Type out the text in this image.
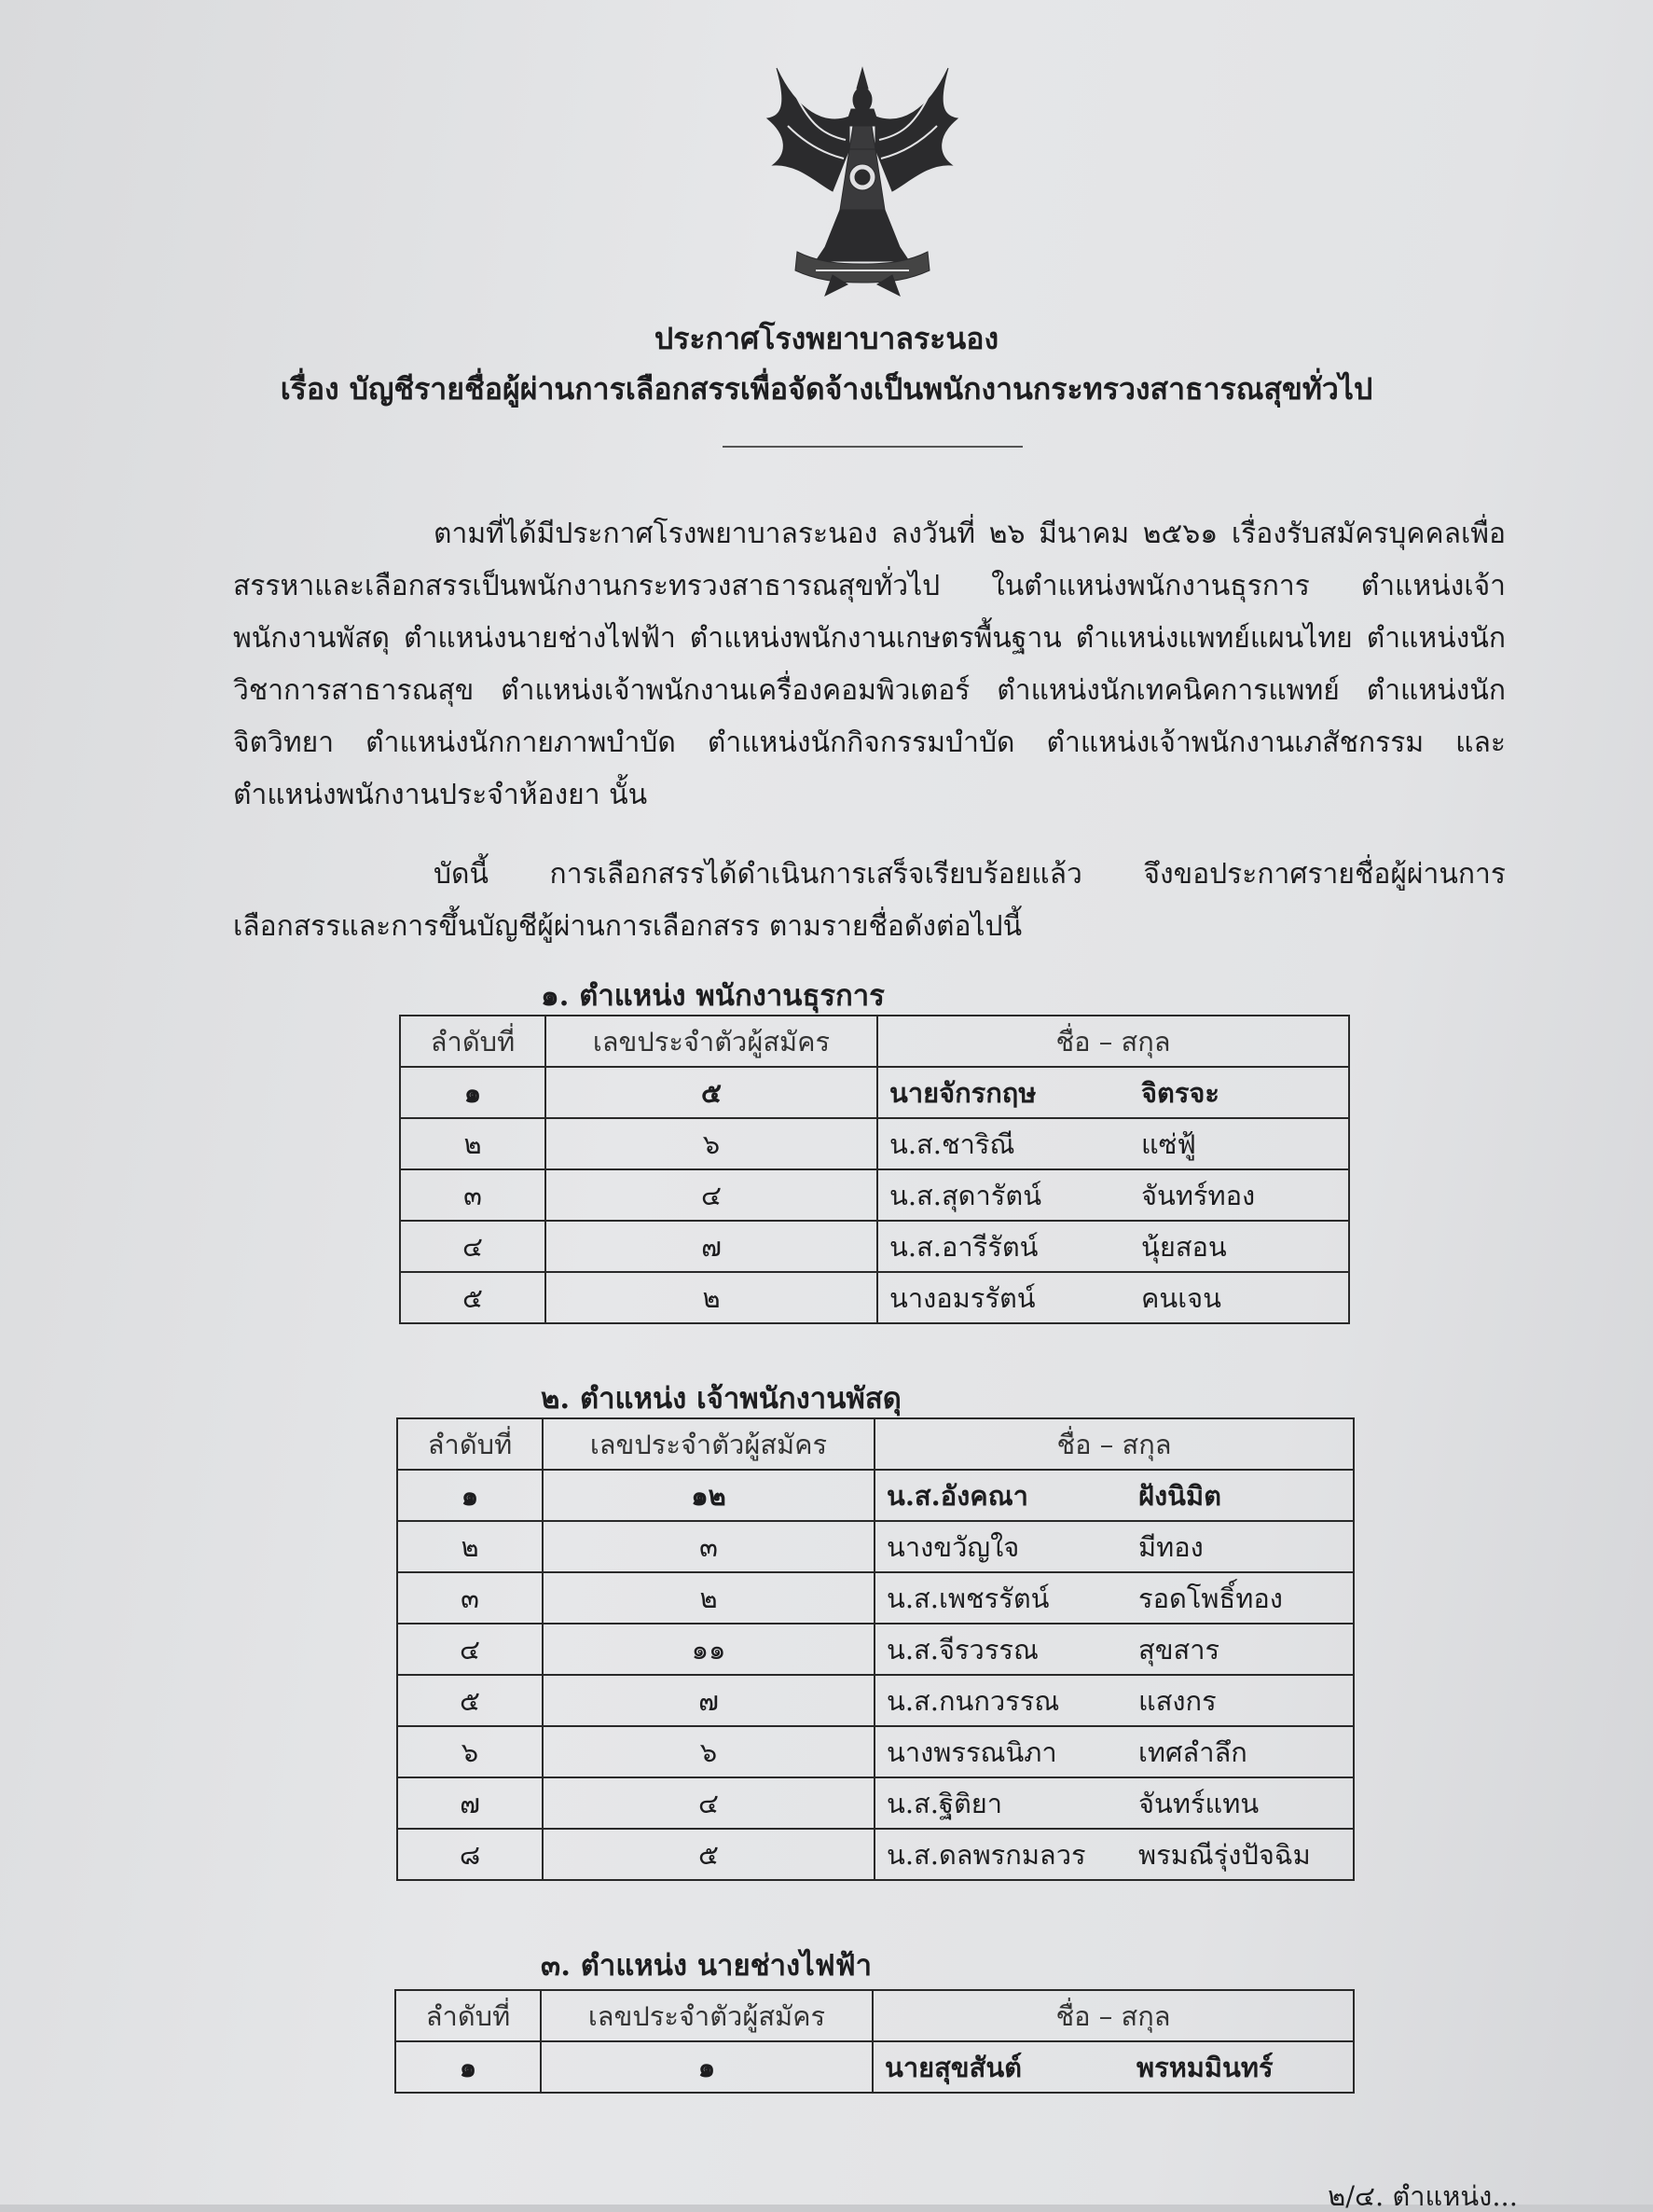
ประกาศโรงพยาบาลระนอง
เรื่อง บัญชีรายชื่อผู้ผ่านการเลือกสรรเพื่อจัดจ้างเป็นพนักงานกระทรวงสาธารณสุขทั่วไป
ตามที่ได้มีประกาศโรงพยาบาลระนอง ลงวันที่ ๒๖ มีนาคม ๒๕๖๑ เรื่องรับสมัครบุคคลเพื่อสรรหาและเลือกสรรเป็นพนักงานกระทรวงสาธารณสุขทั่วไป ในตำแหน่งพนักงานธุรการ ตำแหน่งเจ้าพนักงานพัสดุ ตำแหน่งนายช่างไฟฟ้า ตำแหน่งพนักงานเกษตรพื้นฐาน ตำแหน่งแพทย์แผนไทย ตำแหน่งนักวิชาการสาธารณสุข ตำแหน่งเจ้าพนักงานเครื่องคอมพิวเตอร์ ตำแหน่งนักเทคนิคการแพทย์ ตำแหน่งนักจิตวิทยา ตำแหน่งนักกายภาพบำบัด ตำแหน่งนักกิจกรรมบำบัด ตำแหน่งเจ้าพนักงานเภสัชกรรม และตำแหน่งพนักงานประจำห้องยา นั้น
บัดนี้ การเลือกสรรได้ดำเนินการเสร็จเรียบร้อยแล้ว จึงขอประกาศรายชื่อผู้ผ่านการเลือกสรรและการขึ้นบัญชีผู้ผ่านการเลือกสรร ตามรายชื่อดังต่อไปนี้
๑. ตำแหน่ง พนักงานธุรการ
ลำดับที่	เลขประจำตัวผู้สมัคร	ชื่อ – สกุล
๑	๕	นายจักรกฤษ จิตรจะ
๒	๖	น.ส.ชาริณี แซ่ฟู้
๓	๔	น.ส.สุดารัตน์ จันทร์ทอง
๔	๗	น.ส.อารีรัตน์ นุ้ยสอน
๕	๒	นางอมรรัตน์ คนเจน
๒. ตำแหน่ง เจ้าพนักงานพัสดุ
ลำดับที่	เลขประจำตัวผู้สมัคร	ชื่อ – สกุล
๑	๑๒	น.ส.อังคณา ฝังนิมิต
๒	๓	นางขวัญใจ มีทอง
๓	๒	น.ส.เพชรรัตน์ รอดโพธิ์ทอง
๔	๑๑	น.ส.จีรวรรณ สุขสาร
๕	๗	น.ส.กนกวรรณ แสงกร
๖	๖	นางพรรณนิภา เทศลำลึก
๗	๔	น.ส.ฐิติยา จันทร์แทน
๘	๕	น.ส.ดลพรกมลวร พรมณีรุ่งปัจฉิม
๓. ตำแหน่ง นายช่างไฟฟ้า
ลำดับที่	เลขประจำตัวผู้สมัคร	ชื่อ – สกุล
๑	๑	นายสุขสันต์ พรหมมินทร์
๒/๔. ตำแหน่ง...
